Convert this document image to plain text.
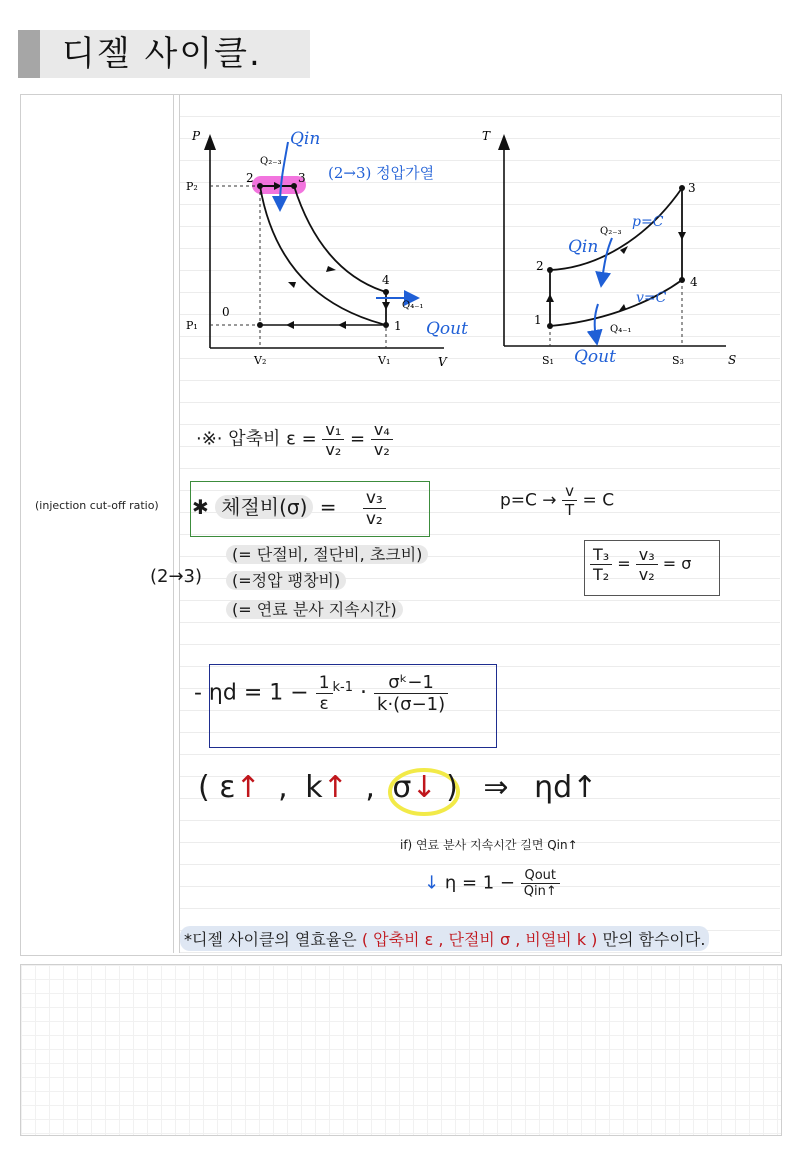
디젤 사이클.
(injection cut-off ratio)
P
V
P₂
P₁
V₂	V₁
0
1
2	3
4
Q₂₋₃
Q₄₋₁
Qin
Qout
(2→3) 정압가열
T
S
S₁	S₃
1
2
3
4
Q₂₋₃
Q₄₋₁
p=C
v=C
Qin
Qout
·※· 압축비 $\varepsilon = \frac{\text{v₁}}{\text{v₂}} = \frac{\text{v₄}}{\text{v₂}}$
✱ 체절비$(\sigma) = \frac{\text{v₃}}{\text{v₂}}$
(= 단절비, 절단비, 초크비)
(2→3)	(=정압 팽창비)
(= 연료 분사 지속시간)
$p=C \to \frac{v}{T} = C$
$\frac{\text{T₃}}{\text{T₂}} = \frac{\text{v₃}}{\text{v₂}} = \sigma$
- $\eta d = 1 - \frac{1}{\varepsilon} ^{k-1} \cdot \frac{\text{σᵏ−1}}{k\cdot(\sigma-1)}$
( ε↑ , k↑ , σ↓ ) ⇒ ηd↑
if) 연료 분사 지속시간 길면 Qin↑
↓ $\eta = 1 - \frac{\text{Qout}}{\text{Qin↑}}$
*디젤 사이클의 열효율은 ( 압축비 ε , 단절비 σ , 비열비 k ) 만의 함수이다.
